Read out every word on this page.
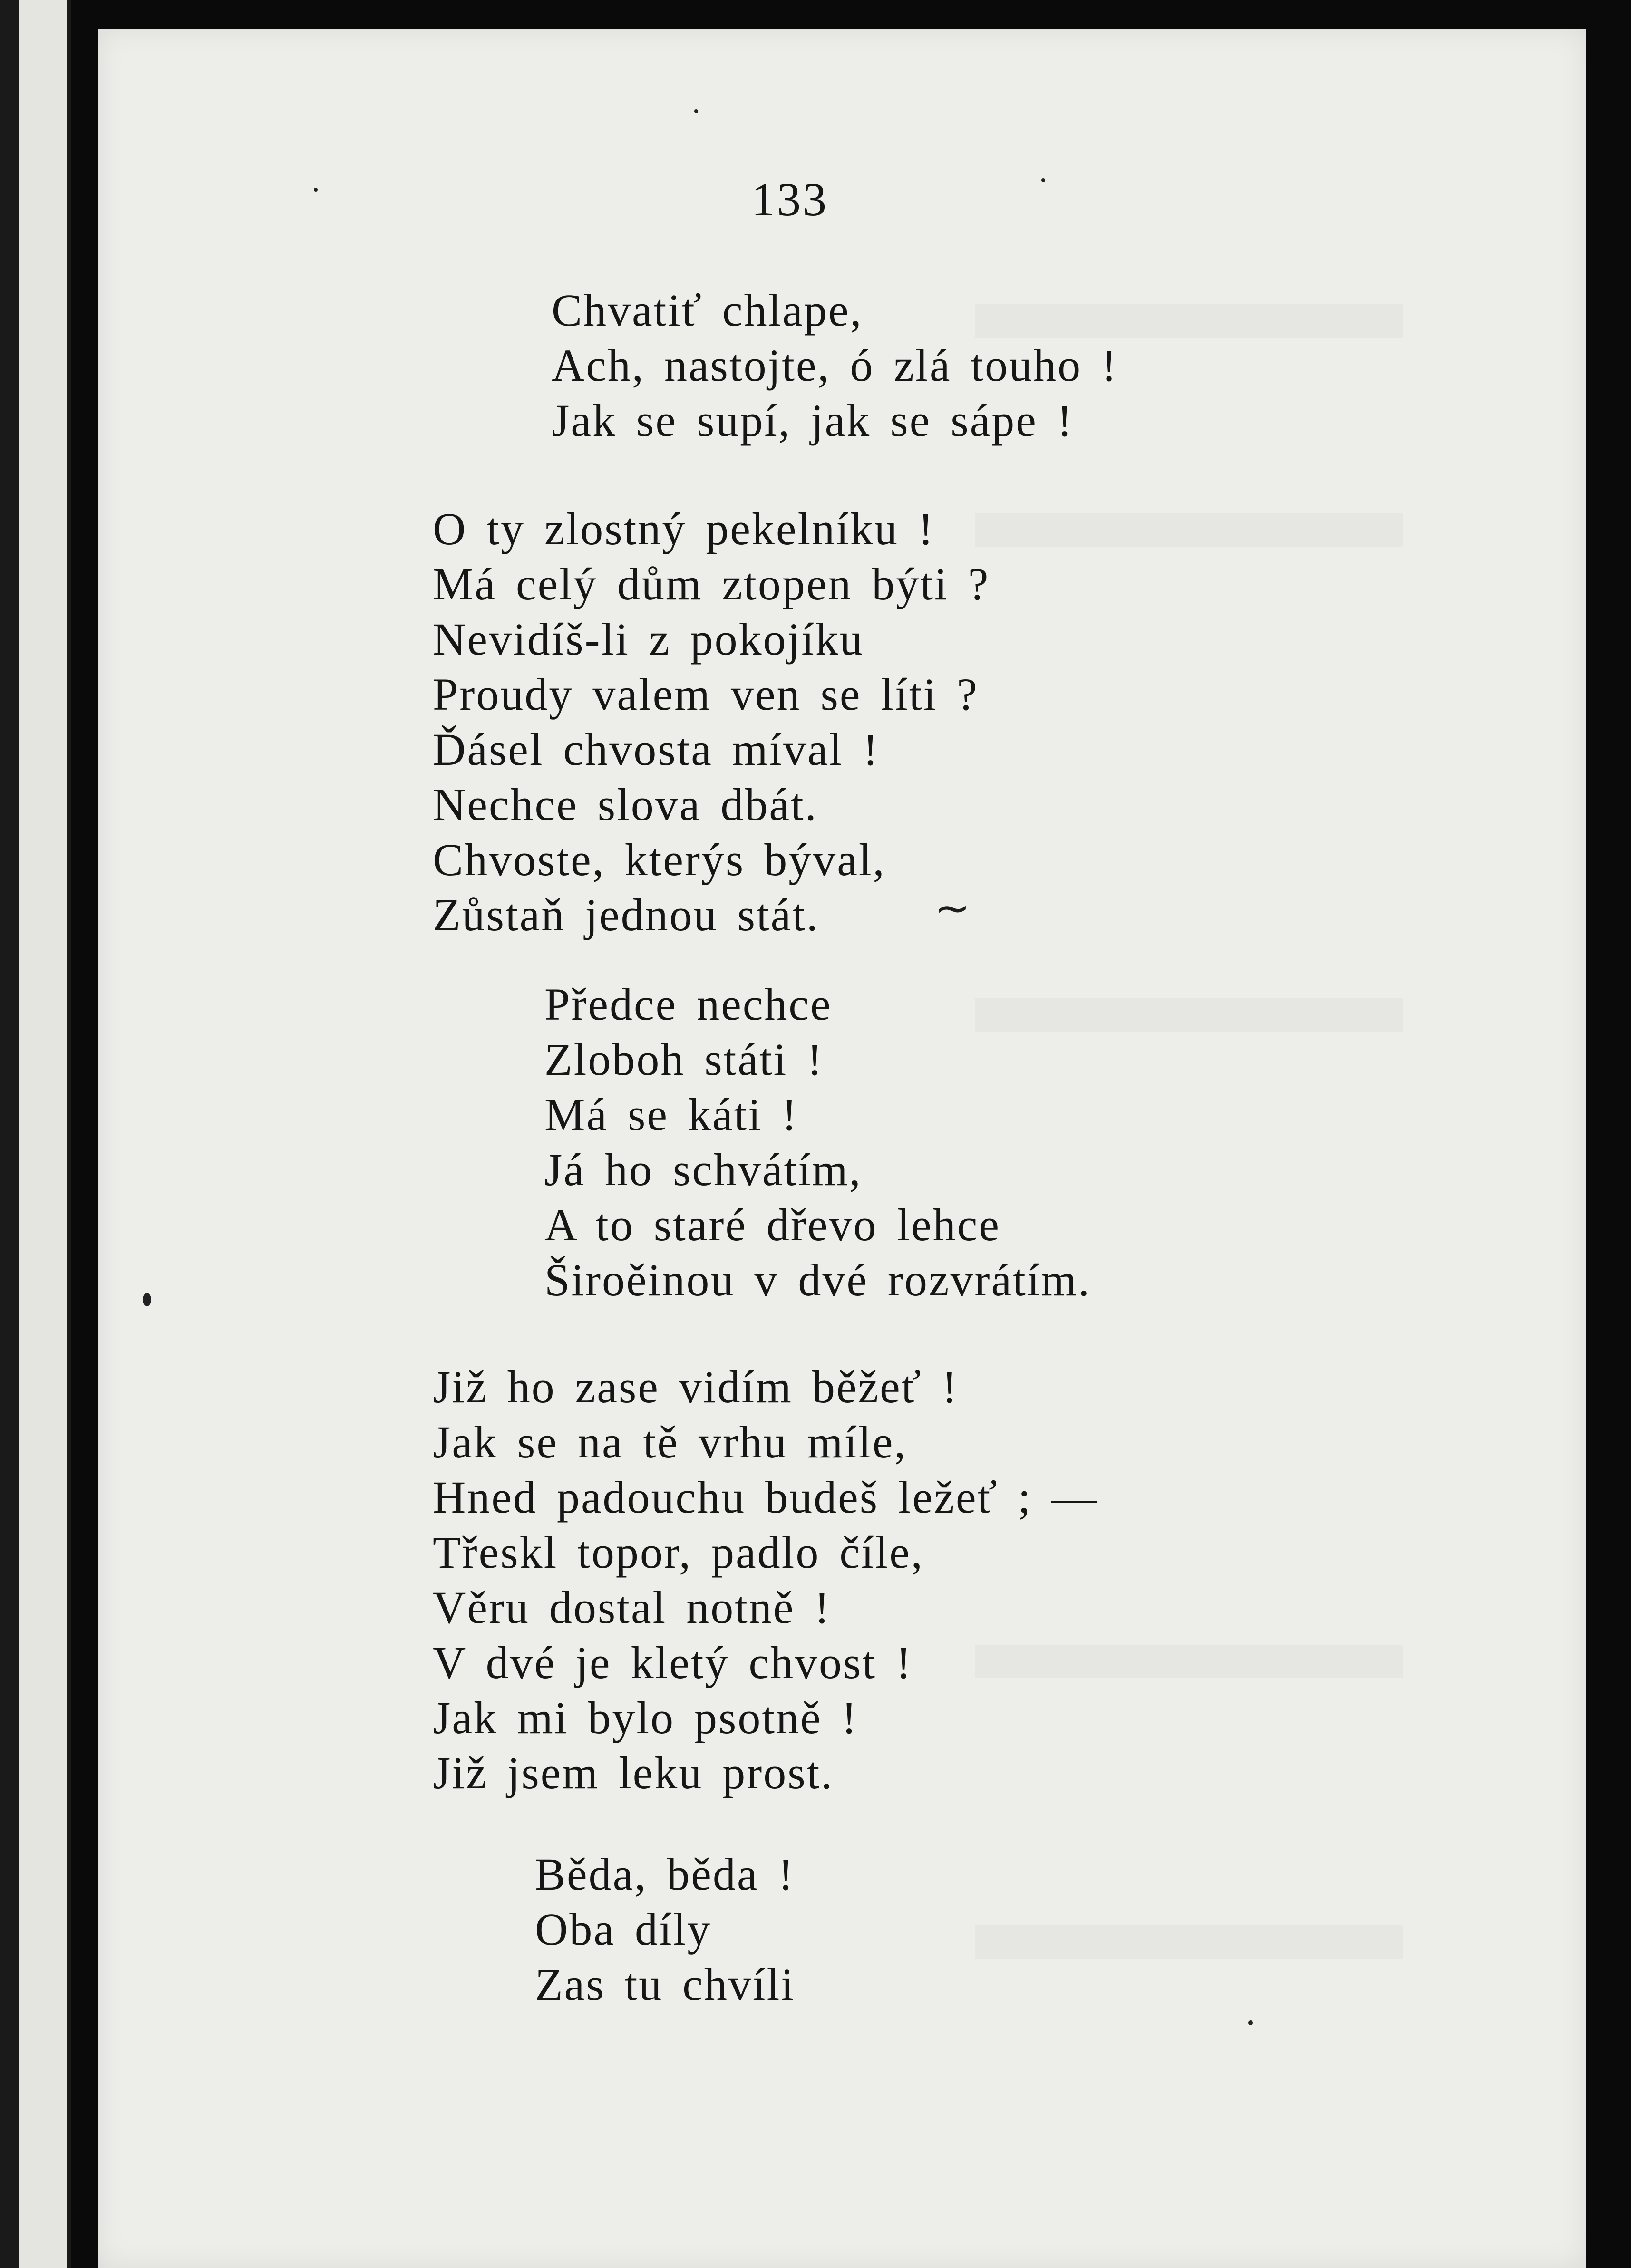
133
Chvatiť chlape,
Ach, nastojte, ó zlá touho !
Jak se supí, jak se sápe !
O ty zlostný pekelníku !
Má celý dům ztopen býti ?
Nevidíš-li z pokojíku
Proudy valem ven se líti ?
Ďásel chvosta míval !
Nechce slova dbát.
Chvoste, kterýs býval,
Zůstaň jednou stát.
Předce nechce
Zloboh státi !
Má se káti !
Já ho schvátím,
A to staré dřevo lehce
Široěinou v dvé rozvrátím.
Již ho zase vidím běžeť !
Jak se na tě vrhu míle,
Hned padouchu budeš ležeť ; —
Třeskl topor, padlo číle,
Věru dostal notně !
V dvé je kletý chvost !
Jak mi bylo psotně !
Již jsem leku prost.
Běda, běda !
Oba díly
Zas tu chvíli
~
